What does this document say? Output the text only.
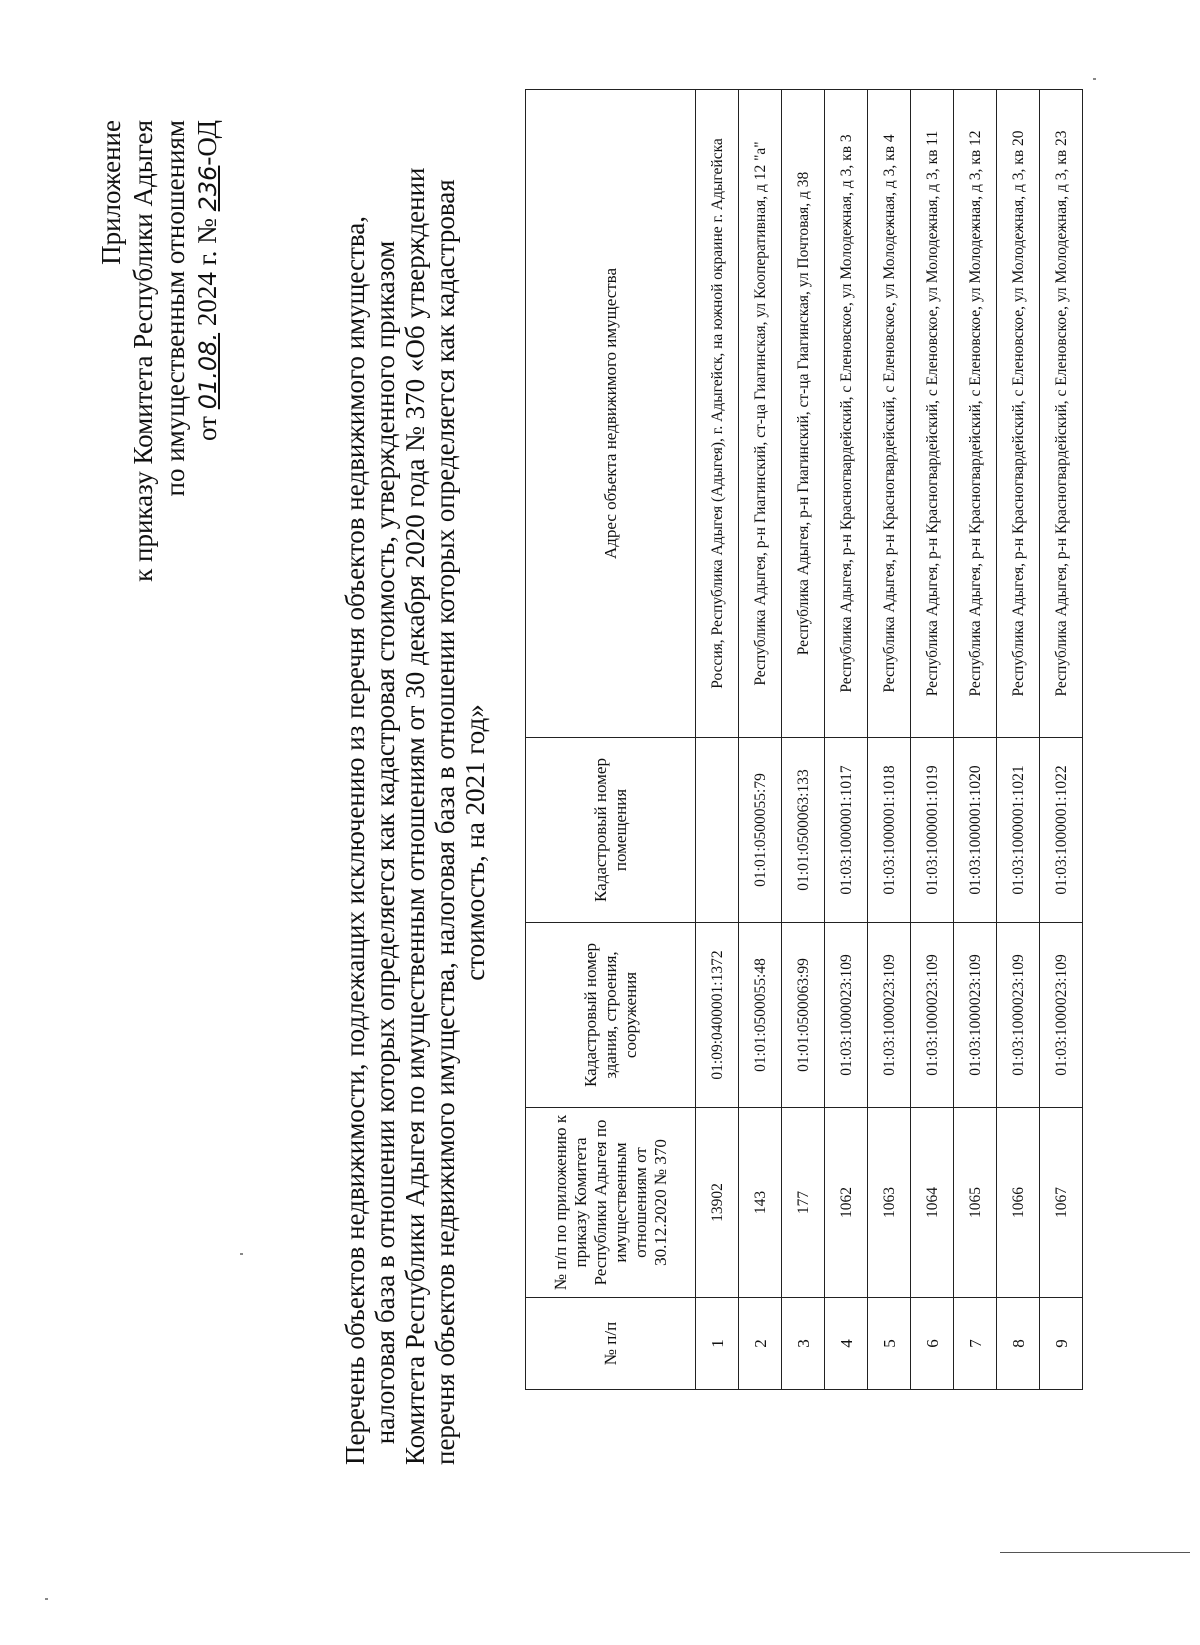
Приложение к приказу Комитета Республики Адыгея по имущественным отношениям от 01.08. 2024 г. № 236-ОД
Перечень объектов недвижимости, подлежащих исключению из перечня объектов недвижимого имущества, налоговая база в отношении которых определяется как кадастровая стоимость, утвержденного приказом Комитета Республики Адыгея по имущественным отношениям от 30 декабря 2020 года № 370 «Об утверждении перечня объектов недвижимого имущества, налоговая база в отношении которых определяется как кадастровая стоимость, на 2021 год»
№ п/п	№ п/п по приложению к приказу Комитета Республики Адыгея по имущественным отношениям от 30.12.2020 № 370	Кадастровый номер здания, строения, сооружения	Кадастровый номер помещения	Адрес объекта недвижимого имущества
1	13902	01:09:0400001:1372		Россия, Республика Адыгея (Адыгея), г. Адыгейск, на южной окраине г. Адыгейска
2	143	01:01:0500055:48	01:01:0500055:79	Республика Адыгея, р-н Гиагинский, ст-ца Гиагинская, ул Кооперативная, д 12 "а"
3	177	01:01:0500063:99	01:01:0500063:133	Республика Адыгея, р-н Гиагинский, ст-ца Гиагинская, ул Почтовая, д 38
4	1062	01:03:1000023:109	01:03:1000001:1017	Республика Адыгея, р-н Красногвардейский, с Еленовское, ул Молодежная, д 3, кв 3
5	1063	01:03:1000023:109	01:03:1000001:1018	Республика Адыгея, р-н Красногвардейский, с Еленовское, ул Молодежная, д 3, кв 4
6	1064	01:03:1000023:109	01:03:1000001:1019	Республика Адыгея, р-н Красногвардейский, с Еленовское, ул Молодежная, д 3, кв 11
7	1065	01:03:1000023:109	01:03:1000001:1020	Республика Адыгея, р-н Красногвардейский, с Еленовское, ул Молодежная, д 3, кв 12
8	1066	01:03:1000023:109	01:03:1000001:1021	Республика Адыгея, р-н Красногвардейский, с Еленовское, ул Молодежная, д 3, кв 20
9	1067	01:03:1000023:109	01:03:1000001:1022	Республика Адыгея, р-н Красногвардейский, с Еленовское, ул Молодежная, д 3, кв 23
